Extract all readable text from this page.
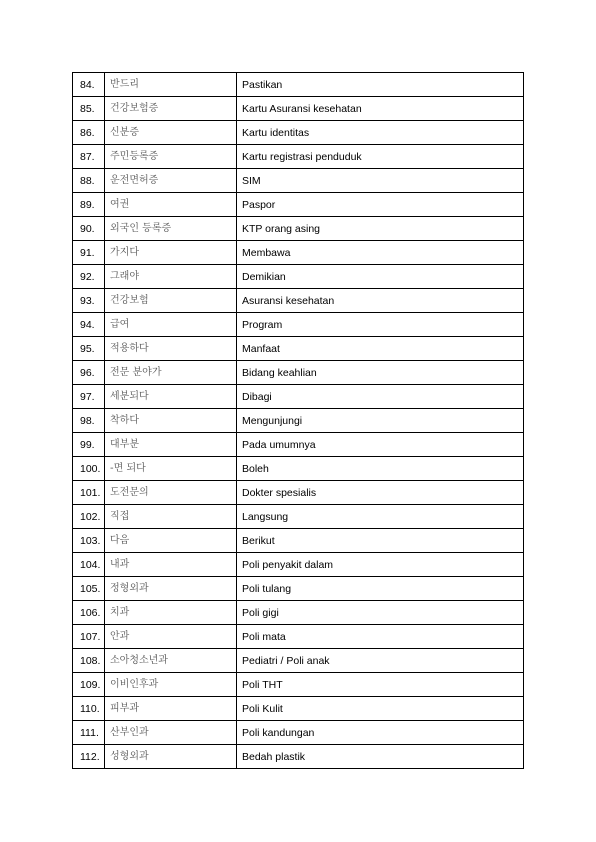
84.	반드리	Pastikan
85.	건강보험증	Kartu Asuransi kesehatan
86.	신분증	Kartu identitas
87.	주민등록증	Kartu registrasi penduduk
88.	운전면허증	SIM
89.	여권	Paspor
90.	외국인 등록증	KTP orang asing
91.	가지다	Membawa
92.	그래야	Demikian
93.	건강보험	Asuransi kesehatan
94.	급여	Program
95.	적용하다	Manfaat
96.	전문 분야가	Bidang keahlian
97.	세분되다	Dibagi
98.	착하다	Mengunjungi
99.	대부분	Pada umumnya
100.	-면 되다	Boleh
101.	도전문의	Dokter spesialis
102.	직접	Langsung
103.	다음	Berikut
104.	내과	Poli penyakit dalam
105.	정형외과	Poli tulang
106.	치과	Poli gigi
107.	안과	Poli mata
108.	소아청소년과	Pediatri / Poli anak
109.	이비인후과	Poli THT
110.	피부과	Poli Kulit
111.	산부인과	Poli kandungan
112.	성형외과	Bedah plastik
